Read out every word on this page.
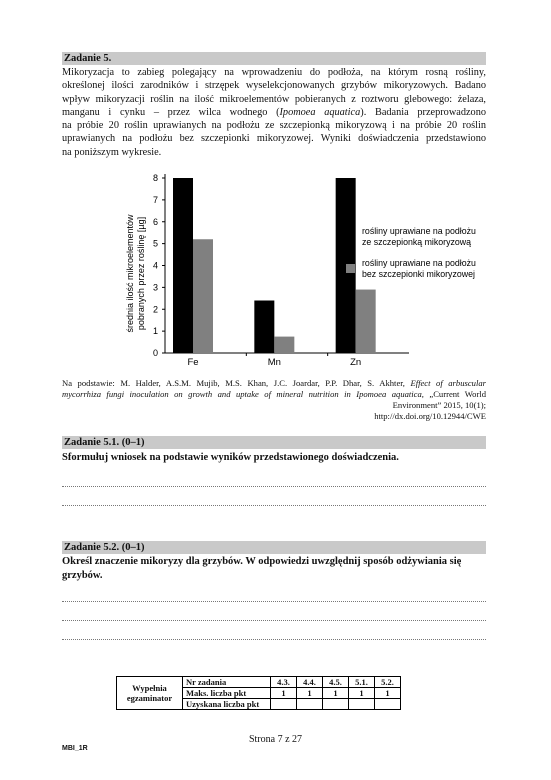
Zadanie 5.
Mikoryzacja to zabieg polegający na wprowadzeniu do podłoża, na którym rosną rośliny,
określonej ilości zarodników i strzępek wyselekcjonowanych grzybów mikoryzowych. Badano
wpływ mikoryzacji roślin na ilość mikroelementów pobieranych z roztworu glebowego: żelaza,
manganu i cynku – przez wilca wodnego (Ipomoea aquatica). Badania przeprowadzono
na próbie 20 roślin uprawianych na podłożu ze szczepionką mikoryzową i na próbie 20 roślin
uprawianych na podłożu bez szczepionki mikoryzowej. Wyniki doświadczenia przedstawiono
na poniższym wykresie.
0
1
2
3
4
5
6
7
8
średnia ilość mikroelementów pobranych przez roślinę [µg]
Fe	Mn	Zn
rośliny uprawiane na podłożu
ze szczepionką mikoryzową
rośliny uprawiane na podłożu
bez szczepionki mikoryzowej
Na podstawie: M. Halder, A.S.M. Mujib, M.S. Khan, J.C. Joardar, P.P. Dhar, S. Akhter, Effect of arbuscular
mycorrhiza fungi inoculation on growth and uptake of mineral nutrition in Ipomoea aquatica, „Current World
Environment” 2015, 10(1);
http://dx.doi.org/10.12944/CWE
Zadanie 5.1. (0–1)
Sformułuj wniosek na podstawie wyników przedstawionego doświadczenia.
Zadanie 5.2. (0–1)
Określ znaczenie mikoryzy dla grzybów. W odpowiedzi uwzględnij sposób odżywiania się
grzybów.
Wypełnia
egzaminator	Nr zadania	4.3.	4.4.	4.5.	5.1.	5.2.
	Maks. liczba pkt	1	1	1	1	1
	Uzyskana liczba pkt					
Strona 7 z 27
MBI_1R
